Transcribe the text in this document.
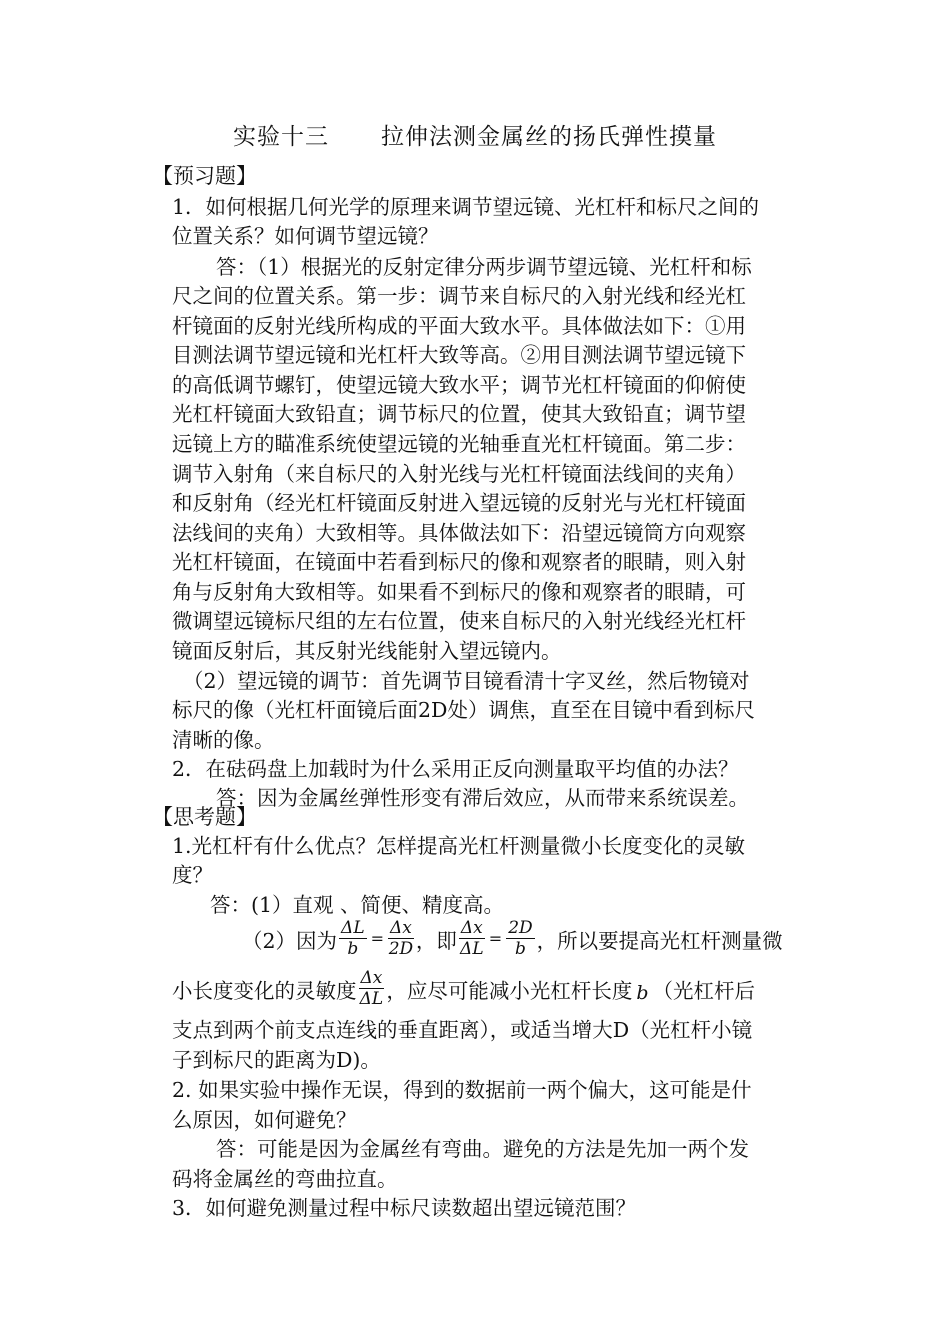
实验十三 拉伸法测金属丝的扬氏弹性摸量
【预习题】
1．如何根据几何光学的原理来调节望远镜、光杠杆和标尺之间的
位置关系？如何调节望远镜？
答：（1）根据光的反射定律分两步调节望远镜、光杠杆和标
尺之间的位置关系。第一步：调节来自标尺的入射光线和经光杠
杆镜面的反射光线所构成的平面大致水平。具体做法如下：①用
目测法调节望远镜和光杠杆大致等高。②用目测法调节望远镜下
的高低调节螺钉，使望远镜大致水平；调节光杠杆镜面的仰俯使
光杠杆镜面大致铅直；调节标尺的位置，使其大致铅直；调节望
远镜上方的瞄准系统使望远镜的光轴垂直光杠杆镜面。第二步：
调节入射角（来自标尺的入射光线与光杠杆镜面法线间的夹角）
和反射角（经光杠杆镜面反射进入望远镜的反射光与光杠杆镜面
法线间的夹角）大致相等。具体做法如下：沿望远镜筒方向观察
光杠杆镜面，在镜面中若看到标尺的像和观察者的眼睛，则入射
角与反射角大致相等。如果看不到标尺的像和观察者的眼睛，可
微调望远镜标尺组的左右位置，使来自标尺的入射光线经光杠杆
镜面反射后，其反射光线能射入望远镜内。
（2）望远镜的调节：首先调节目镜看清十字叉丝，然后物镜对
标尺的像（光杠杆面镜后面2D处）调焦，直至在目镜中看到标尺
清晰的像。
2．在砝码盘上加载时为什么采用正反向测量取平均值的办法？
答：因为金属丝弹性形变有滞后效应，从而带来系统误差。
【思考题】
1.光杠杆有什么优点？怎样提高光杠杆测量微小长度变化的灵敏
度？
答：(1）直观 、简便、精度高。
（2）因为 $\frac{\Delta L}{b} = \frac{\Delta x}{2D}$ ，即 $\frac{\Delta x}{\Delta L} = \frac{2D}{b}$ ，所以要提高光杠杆测量微
小长度变化的灵敏度 $\frac{\Delta x}{\Delta L}$ ，应尽可能减小光杠杆长度 b （光杠杆后
支点到两个前支点连线的垂直距离），或适当增大D（光杠杆小镜
子到标尺的距离为D)。
2. 如果实验中操作无误，得到的数据前一两个偏大，这可能是什
么原因，如何避免？
答：可能是因为金属丝有弯曲。避免的方法是先加一两个发
码将金属丝的弯曲拉直。
3．如何避免测量过程中标尺读数超出望远镜范围？
